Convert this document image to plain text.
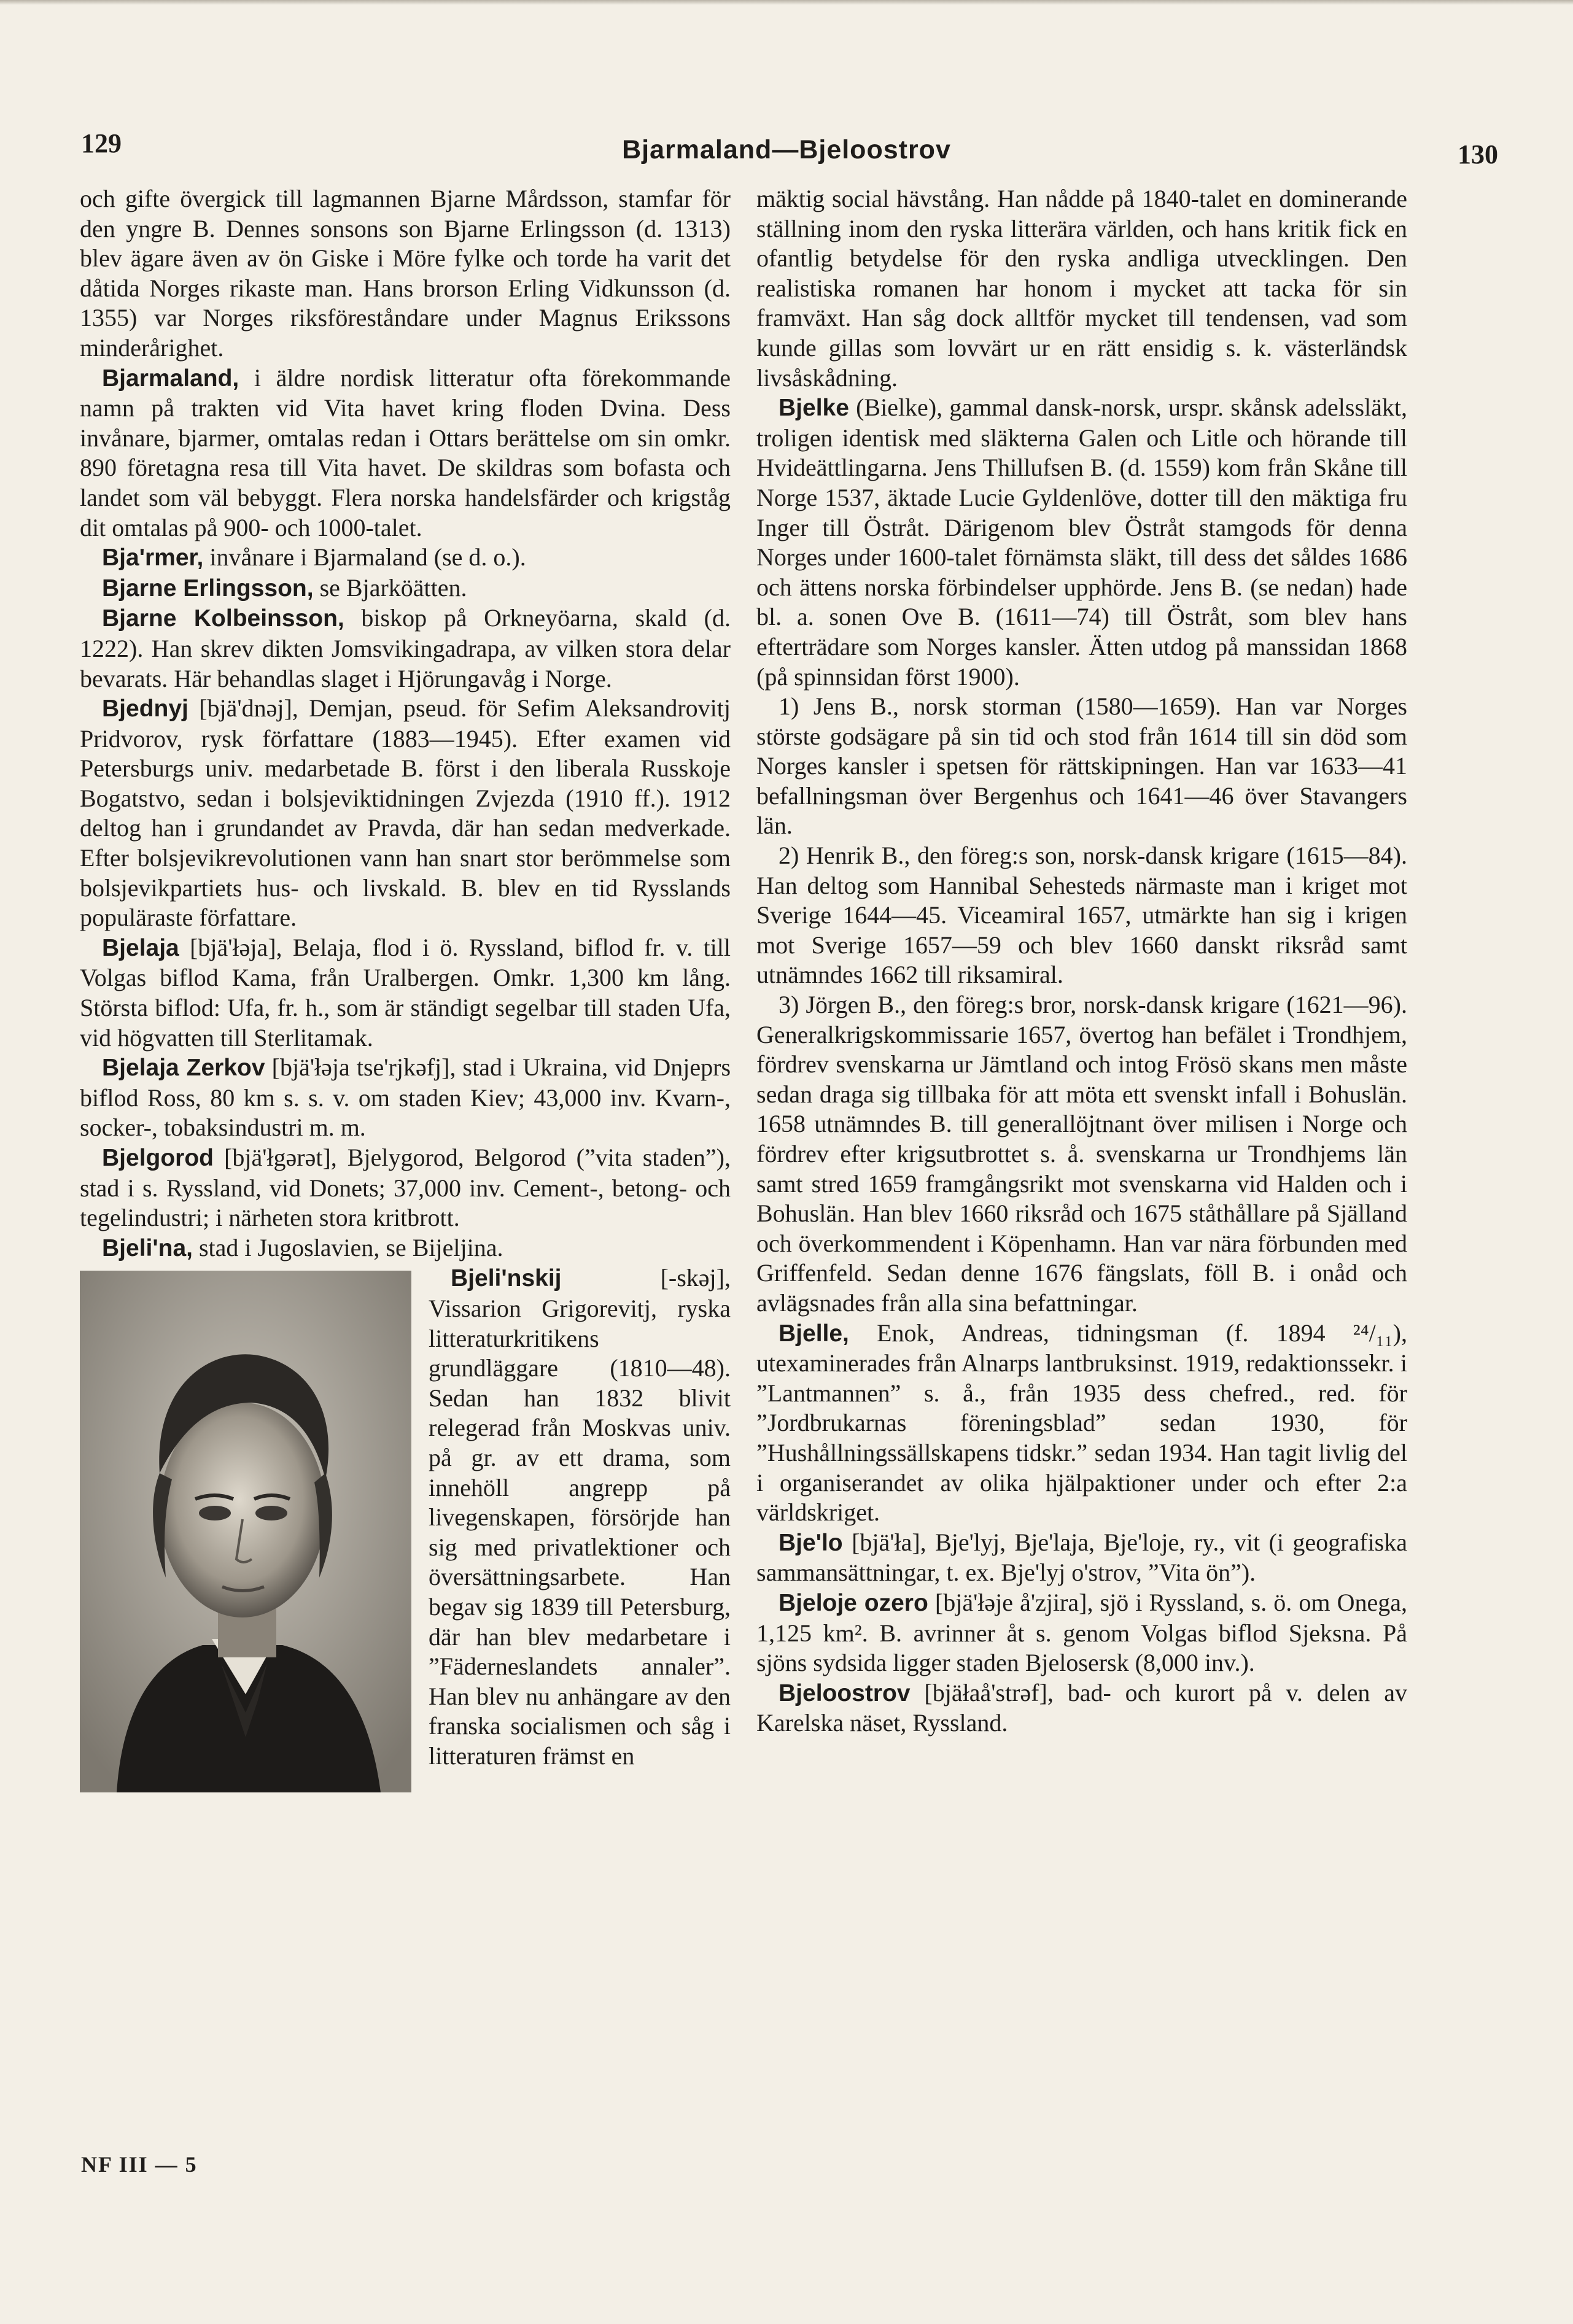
129	Bjarmaland—Bjeloostrov	130

och gifte övergick till lagmannen Bjarne Mårdsson, stamfar för den yngre B. Dennes sonsons son Bjarne Erlingsson (d. 1313) blev ägare även av ön Giske i Möre fylke och torde ha varit det dåtida Norges rikaste man. Hans brorson Erling Vidkunsson (d. 1355) var Norges riksföreståndare under Magnus Erikssons minderårighet.

Bjarmaland, i äldre nordisk litteratur ofta förekommande namn på trakten vid Vita havet kring floden Dvina. Dess invånare, bjarmer, omtalas redan i Ottars berättelse om sin omkr. 890 företagna resa till Vita havet. De skildras som bofasta och landet som väl bebyggt. Flera norska handelsfärder och krigståg dit omtalas på 900- och 1000-talet.

Bja'rmer, invånare i Bjarmaland (se d. o.).

Bjarne Erlingsson, se Bjarköätten.

Bjarne Kolbeinsson, biskop på Orkneyöarna, skald (d. 1222). Han skrev dikten Jomsvikingadrapa, av vilken stora delar bevarats. Här behandlas slaget i Hjörungavåg i Norge.

Bjednyj [bjä'dnəj], Demjan, pseud. för Sefim Aleksandrovitj Pridvorov, rysk författare (1883—1945). Efter examen vid Petersburgs univ. medarbetade B. först i den liberala Russkoje Bogatstvo, sedan i bolsjeviktidningen Zvjezda (1910 ff.). 1912 deltog han i grundandet av Pravda, där han sedan medverkade. Efter bolsjevikrevolutionen vann han snart stor berömmelse som bolsjevikpartiets hus- och livskald. B. blev en tid Rysslands populäraste författare.

Bjelaja [bjä'łəja], Belaja, flod i ö. Ryssland, biflod fr. v. till Volgas biflod Kama, från Uralbergen. Omkr. 1,300 km lång. Största biflod: Ufa, fr. h., som är ständigt segelbar till staden Ufa, vid högvatten till Sterlitamak.

Bjelaja Zerkov [bjä'łəja tse'rjkəfj], stad i Ukraina, vid Dnjeprs biflod Ross, 80 km s. s. v. om staden Kiev; 43,000 inv. Kvarn-, socker-, tobaksindustri m. m.

Bjelgorod [bjä'łgərət], Bjelygorod, Belgorod (”vita staden”), stad i s. Ryssland, vid Donets; 37,000 inv. Cement-, betong- och tegelindustri; i närheten stora kritbrott.

Bjeli'na, stad i Jugoslavien, se Bijeljina.

Bjeli'nskij [-skəj], Vissarion Grigorevitj, ryska litteraturkritikens grundläggare (1810—48). Sedan han 1832 blivit relegerad från Moskvas univ. på gr. av ett drama, som innehöll angrepp på livegenskapen, försörjde han sig med privatlektioner och översättningsarbete. Han begav sig 1839 till Petersburg, där han blev medarbetare i ”Fäderneslandets annaler”. Han blev nu anhängare av den franska socialismen och såg i litteraturen främst en

mäktig social hävstång. Han nådde på 1840-talet en dominerande ställning inom den ryska litterära världen, och hans kritik fick en ofantlig betydelse för den ryska andliga utvecklingen. Den realistiska romanen har honom i mycket att tacka för sin framväxt. Han såg dock alltför mycket till tendensen, vad som kunde gillas som lovvärt ur en rätt ensidig s. k. västerländsk livsåskådning.

Bjelke (Bielke), gammal dansk-norsk, urspr. skånsk adelssläkt, troligen identisk med släkterna Galen och Litle och hörande till Hvideättlingarna. Jens Thillufsen B. (d. 1559) kom från Skåne till Norge 1537, äktade Lucie Gyldenlöve, dotter till den mäktiga fru Inger till Östråt. Därigenom blev Östråt stamgods för denna Norges under 1600-talet förnämsta släkt, till dess det såldes 1686 och ättens norska förbindelser upphörde. Jens B. (se nedan) hade bl. a. sonen Ove B. (1611—74) till Östråt, som blev hans efterträdare som Norges kansler. Ätten utdog på manssidan 1868 (på spinnsidan först 1900).

1) Jens B., norsk storman (1580—1659). Han var Norges störste godsägare på sin tid och stod från 1614 till sin död som Norges kansler i spetsen för rättskipningen. Han var 1633—41 befallningsman över Bergenhus och 1641—46 över Stavangers län.

2) Henrik B., den föreg:s son, norsk-dansk krigare (1615—84). Han deltog som Hannibal Sehesteds närmaste man i kriget mot Sverige 1644—45. Viceamiral 1657, utmärkte han sig i krigen mot Sverige 1657—59 och blev 1660 danskt riksråd samt utnämndes 1662 till riksamiral.

3) Jörgen B., den föreg:s bror, norsk-dansk krigare (1621—96). Generalkrigskommissarie 1657, övertog han befälet i Trondhjem, fördrev svenskarna ur Jämtland och intog Frösö skans men måste sedan draga sig tillbaka för att möta ett svenskt infall i Bohuslän. 1658 utnämndes B. till generallöjtnant över milisen i Norge och fördrev efter krigsutbrottet s. å. svenskarna ur Trondhjems län samt stred 1659 framgångsrikt mot svenskarna vid Halden och i Bohuslän. Han blev 1660 riksråd och 1675 ståthållare på Själland och överkommendent i Köpenhamn. Han var nära förbunden med Griffenfeld. Sedan denne 1676 fängslats, föll B. i onåd och avlägsnades från alla sina befattningar.

Bjelle, Enok, Andreas, tidningsman (f. 1894 ²⁴/₁₁), utexaminerades från Alnarps lantbruksinst. 1919, redaktionssekr. i ”Lantmannen” s. å., från 1935 dess chefred., red. för ”Jordbrukarnas föreningsblad” sedan 1930, för ”Hushållningssällskapens tidskr.” sedan 1934. Han tagit livlig del i organiserandet av olika hjälpaktioner under och efter 2:a världskriget.

Bje'lo [bjä'ła], Bje'lyj, Bje'laja, Bje'loje, ry., vit (i geografiska sammansättningar, t. ex. Bje'lyj o'strov, ”Vita ön”).

Bjeloje ozero [bjä'łəje å'zjira], sjö i Ryssland, s. ö. om Onega, 1,125 km². B. avrinner åt s. genom Volgas biflod Sjeksna. På sjöns sydsida ligger staden Bjelosersk (8,000 inv.).

Bjeloostrov [bjäłaå'strəf], bad- och kurort på v. delen av Karelska näset, Ryssland.

NF III — 5
